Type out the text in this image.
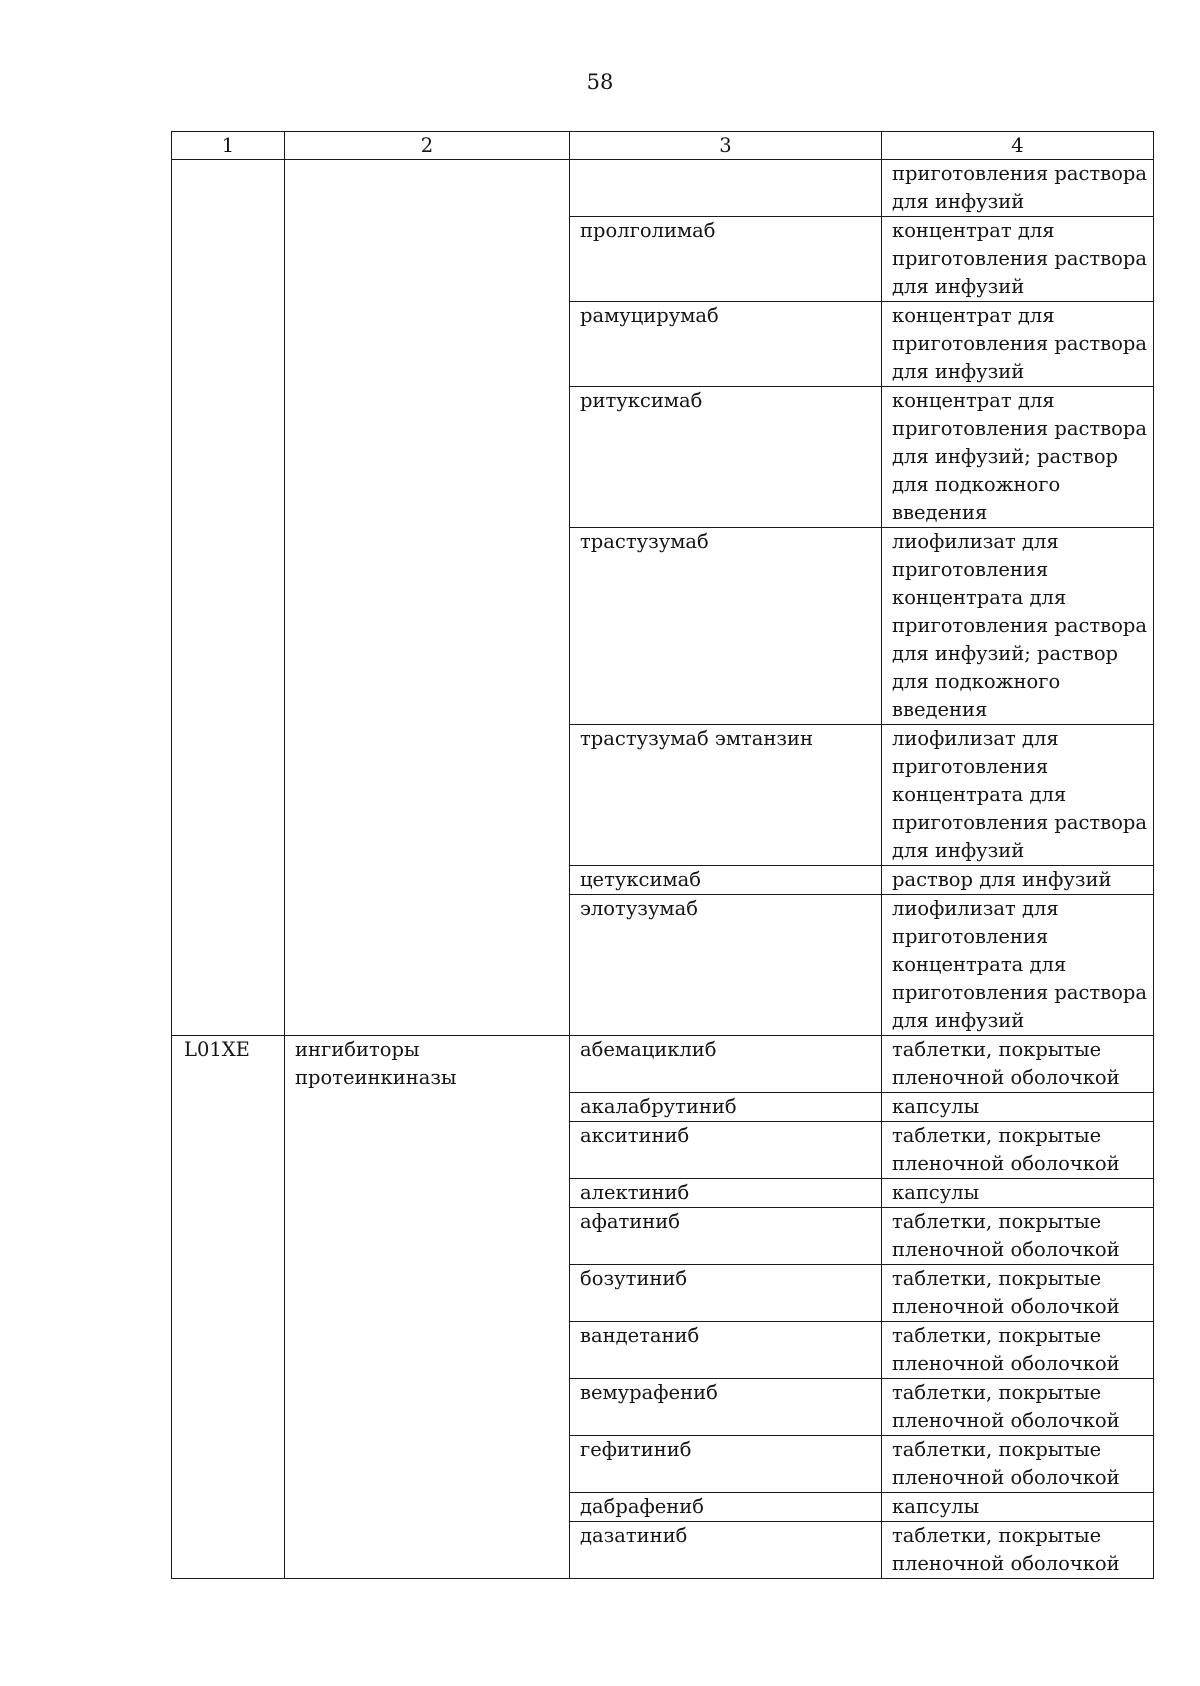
58
1	2	3	4
			приготовления раствора для инфузий
		пролголимаб	концентрат для приготовления раствора для инфузий
		рамуцирумаб	концентрат для приготовления раствора для инфузий
		ритуксимаб	концентрат для приготовления раствора для инфузий; раствор для подкожного введения
		трастузумаб	лиофилизат для приготовления концентрата для приготовления раствора для инфузий; раствор для подкожного введения
		трастузумаб эмтанзин	лиофилизат для приготовления концентрата для приготовления раствора для инфузий
		цетуксимаб	раствор для инфузий
		элотузумаб	лиофилизат для приготовления концентрата для приготовления раствора для инфузий
L01XE	ингибиторы протеинкиназы	абемациклиб	таблетки, покрытые пленочной оболочкой
		акалабрутиниб	капсулы
		акситиниб	таблетки, покрытые пленочной оболочкой
		алектиниб	капсулы
		афатиниб	таблетки, покрытые пленочной оболочкой
		бозутиниб	таблетки, покрытые пленочной оболочкой
		вандетаниб	таблетки, покрытые пленочной оболочкой
		вемурафениб	таблетки, покрытые пленочной оболочкой
		гефитиниб	таблетки, покрытые пленочной оболочкой
		дабрафениб	капсулы
		дазатиниб	таблетки, покрытые пленочной оболочкой
